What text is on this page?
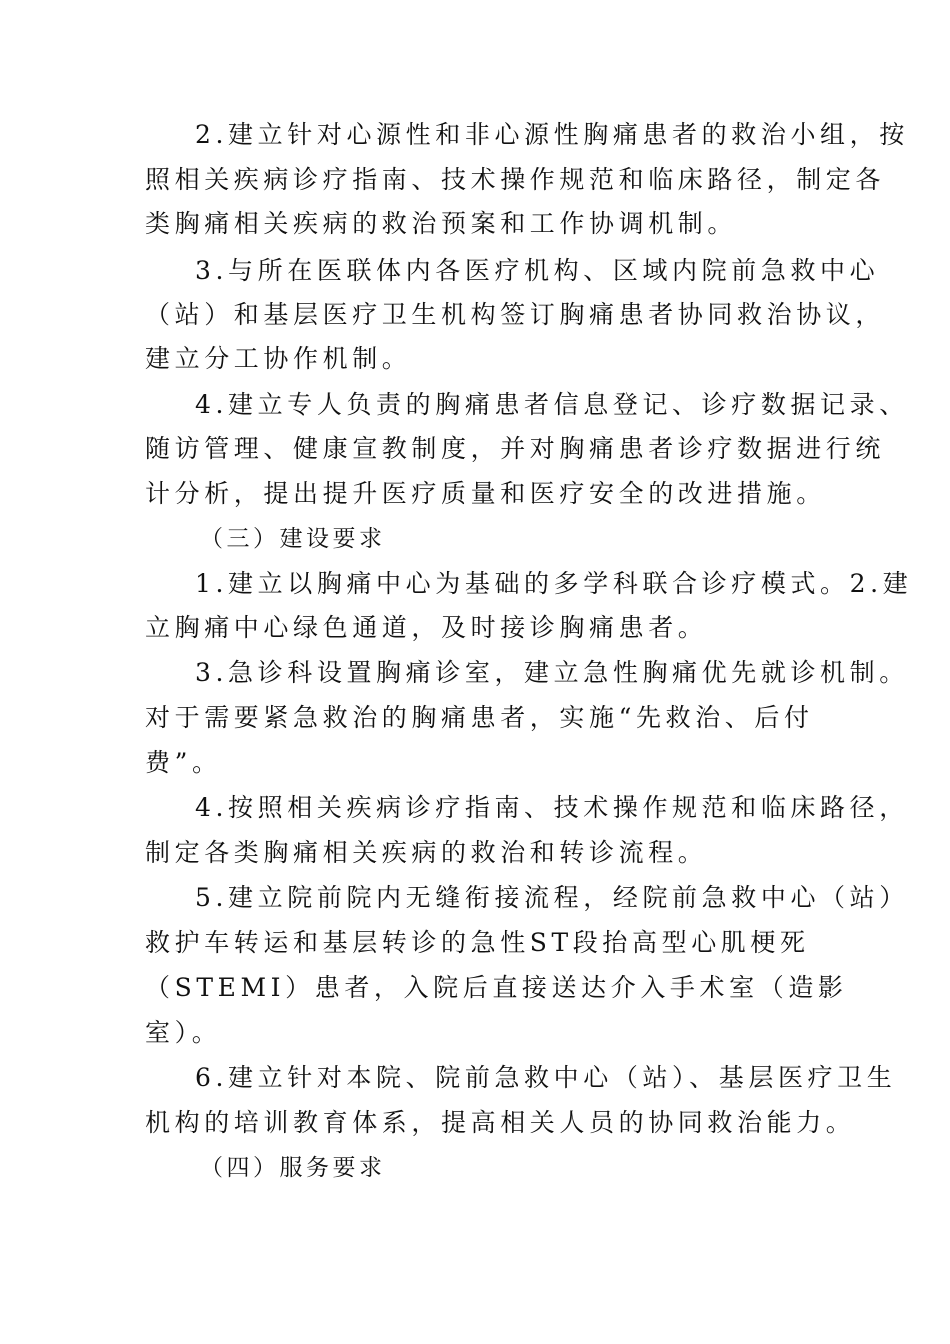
2.建立针对心源性和非心源性胸痛患者的救治小组，按
照相关疾病诊疗指南、技术操作规范和临床路径，制定各
类胸痛相关疾病的救治预案和工作协调机制。
3.与所在医联体内各医疗机构、区域内院前急救中心
（站）和基层医疗卫生机构签订胸痛患者协同救治协议，
建立分工协作机制。
4.建立专人负责的胸痛患者信息登记、诊疗数据记录、
随访管理、健康宣教制度，并对胸痛患者诊疗数据进行统
计分析，提出提升医疗质量和医疗安全的改进措施。
（三）建设要求
1.建立以胸痛中心为基础的多学科联合诊疗模式。2.建
立胸痛中心绿色通道，及时接诊胸痛患者。
3.急诊科设置胸痛诊室，建立急性胸痛优先就诊机制。
对于需要紧急救治的胸痛患者，实施“先救治、后付
费”。
4.按照相关疾病诊疗指南、技术操作规范和临床路径，
制定各类胸痛相关疾病的救治和转诊流程。
5.建立院前院内无缝衔接流程，经院前急救中心（站）
救护车转运和基层转诊的急性ST段抬高型心肌梗死
（STEMI）患者，入院后直接送达介入手术室（造影
室）。
6.建立针对本院、院前急救中心（站）、基层医疗卫生
机构的培训教育体系，提高相关人员的协同救治能力。
（四）服务要求
